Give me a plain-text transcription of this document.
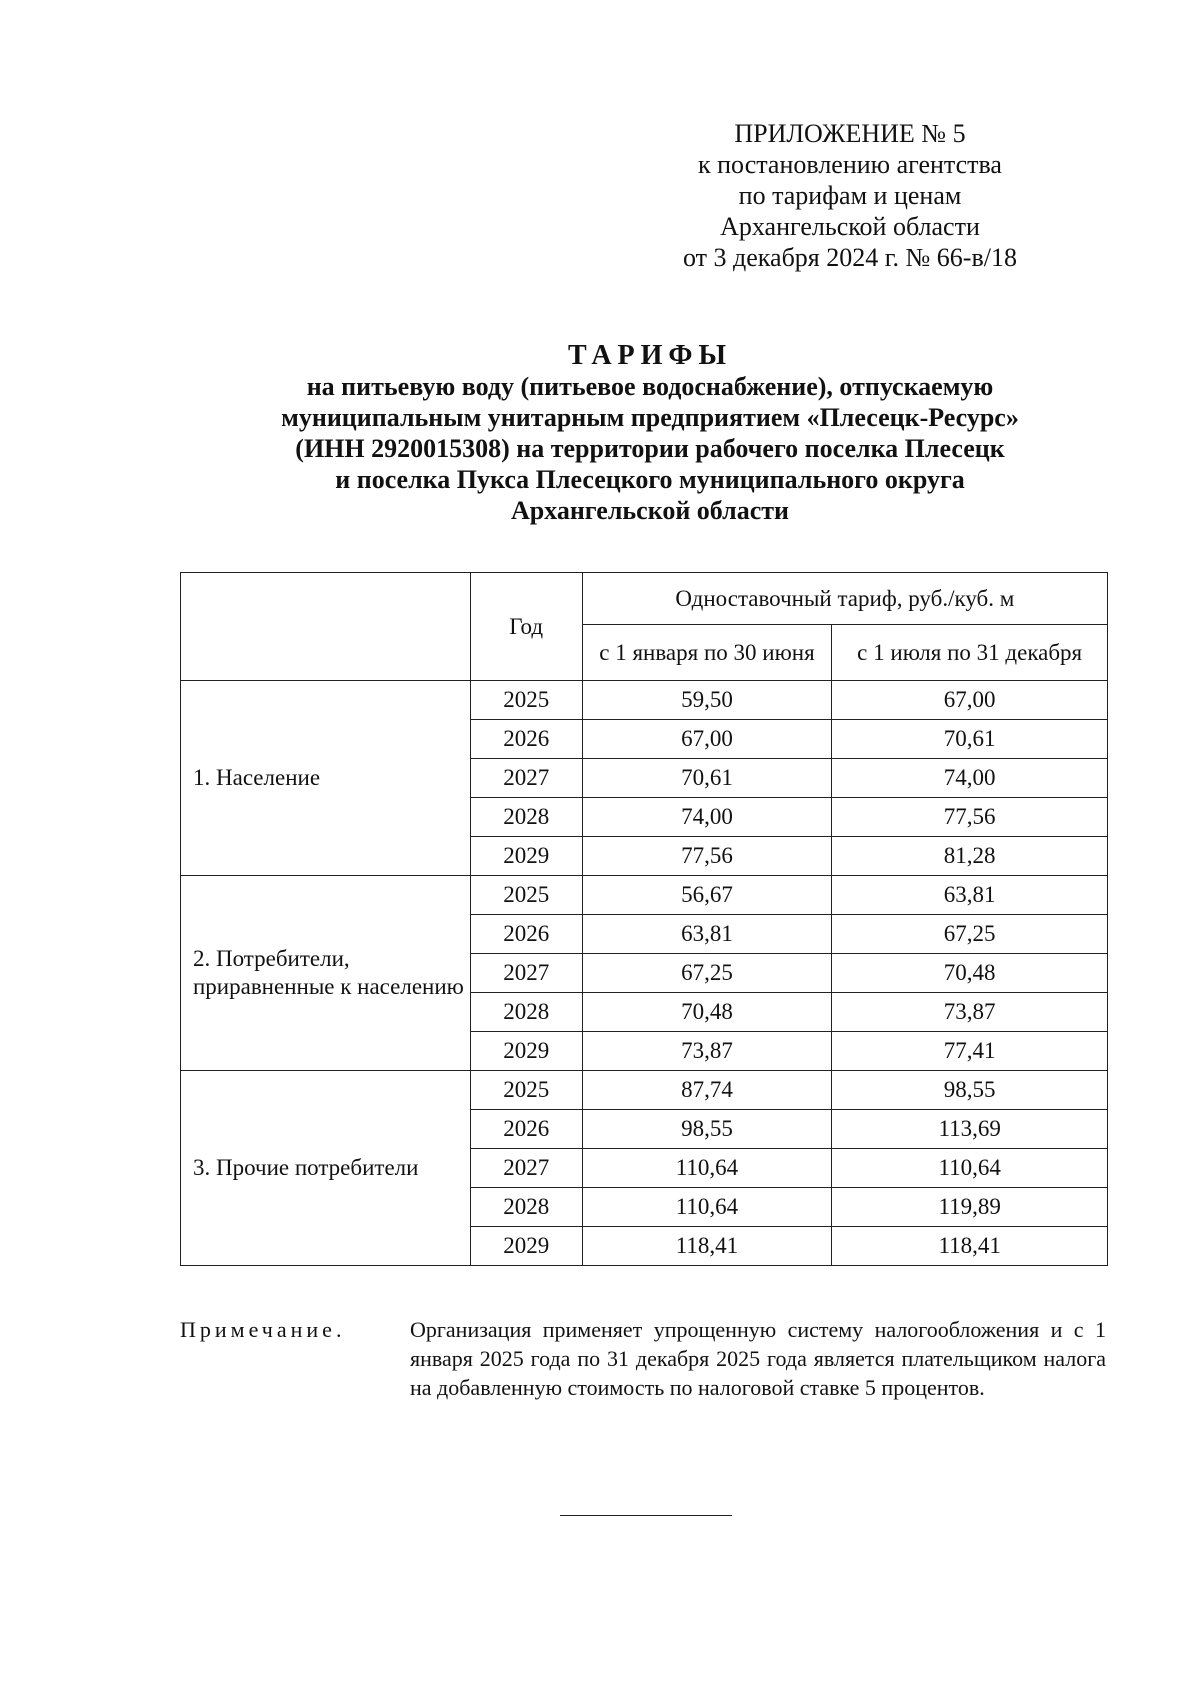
ПРИЛОЖЕНИЕ № 5
к постановлению агентства
по тарифам и ценам
Архангельской области
от 3 декабря 2024 г. № 66-в/18
ТАРИФЫ
на питьевую воду (питьевое водоснабжение), отпускаемую
муниципальным унитарным предприятием «Плесецк-Ресурс»
(ИНН 2920015308) на территории рабочего поселка Плесецк
и поселка Пукса Плесецкого муниципального округа
Архангельской области
	Год	Одноставочный тариф, руб./куб. м	
		с 1 января по 30 июня	с 1 июля по 31 декабря
1. Население	2025	59,50	67,00
	2026	67,00	70,61
	2027	70,61	74,00
	2028	74,00	77,56
	2029	77,56	81,28
2. Потребители, приравненные к населению	2025	56,67	63,81
	2026	63,81	67,25
	2027	67,25	70,48
	2028	70,48	73,87
	2029	73,87	77,41
3. Прочие потребители	2025	87,74	98,55
	2026	98,55	113,69
	2027	110,64	110,64
	2028	110,64	119,89
	2029	118,41	118,41
Примечание.	Организация применяет упрощенную систему налогообложения и с 1 января 2025 года по 31 декабря 2025 года является плательщиком налога на добавленную стоимость по налоговой ставке 5 процентов.
